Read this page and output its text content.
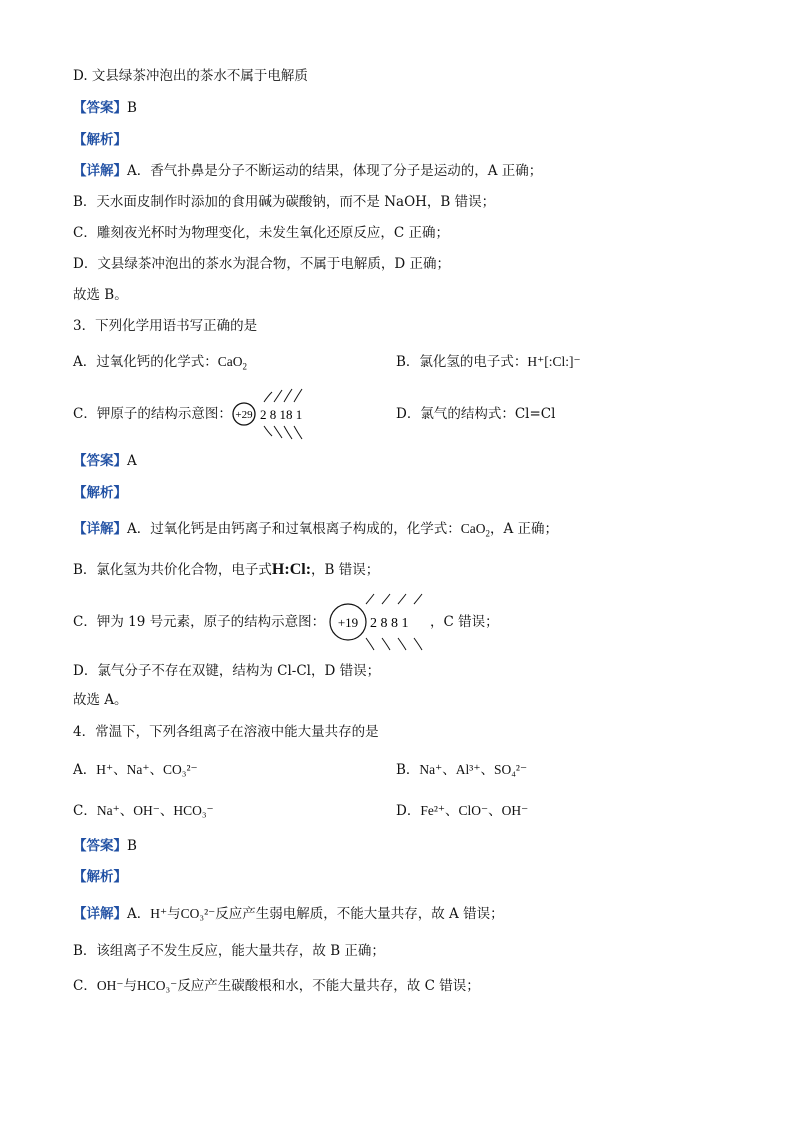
D. 文县绿茶冲泡出的茶水不属于电解质
【答案】B
【解析】
【详解】A．香气扑鼻是分子不断运动的结果，体现了分子是运动的，A 正确；
B．天水面皮制作时添加的食用碱为碳酸钠，而不是 NaOH，B 错误；
C．雕刻夜光杯时为物理变化，未发生氧化还原反应，C 正确；
D．文县绿茶冲泡出的茶水为混合物，不属于电解质，D 正确；
故选 B。
3．下列化学用语书写正确的是
A．过氧化钙的化学式：CaO$_2$	B．氯化氢的电子式：H⁺[:Cl:]⁻
C．钾原子的结构示意图： +29 2 8 18 1	D．氯气的结构式：Cl=Cl
【答案】A
【解析】
【详解】A．过氧化钙是由钙离子和过氧根离子构成的，化学式：CaO$_2$，A 正确；
B．氯化氢为共价化合物，电子式H:Cl:，B 错误；
C．钾为 19 号元素，原子的结构示意图： +19 2 8 8 1 ，C 错误；
D．氯气分子不存在双键，结构为 Cl-Cl，D 错误；
故选 A。
4．常温下，下列各组离子在溶液中能大量共存的是
A．H⁺、Na⁺、CO₃²⁻	B．Na⁺、Al³⁺、SO₄²⁻
C．Na⁺、OH⁻、HCO₃⁻	D．Fe²⁺、ClO⁻、OH⁻
【答案】B
【解析】
【详解】A．H⁺与CO₃²⁻反应产生弱电解质，不能大量共存，故 A 错误；
B．该组离子不发生反应，能大量共存，故 B 正确；
C．OH⁻与HCO₃⁻反应产生碳酸根和水，不能大量共存，故 C 错误；
